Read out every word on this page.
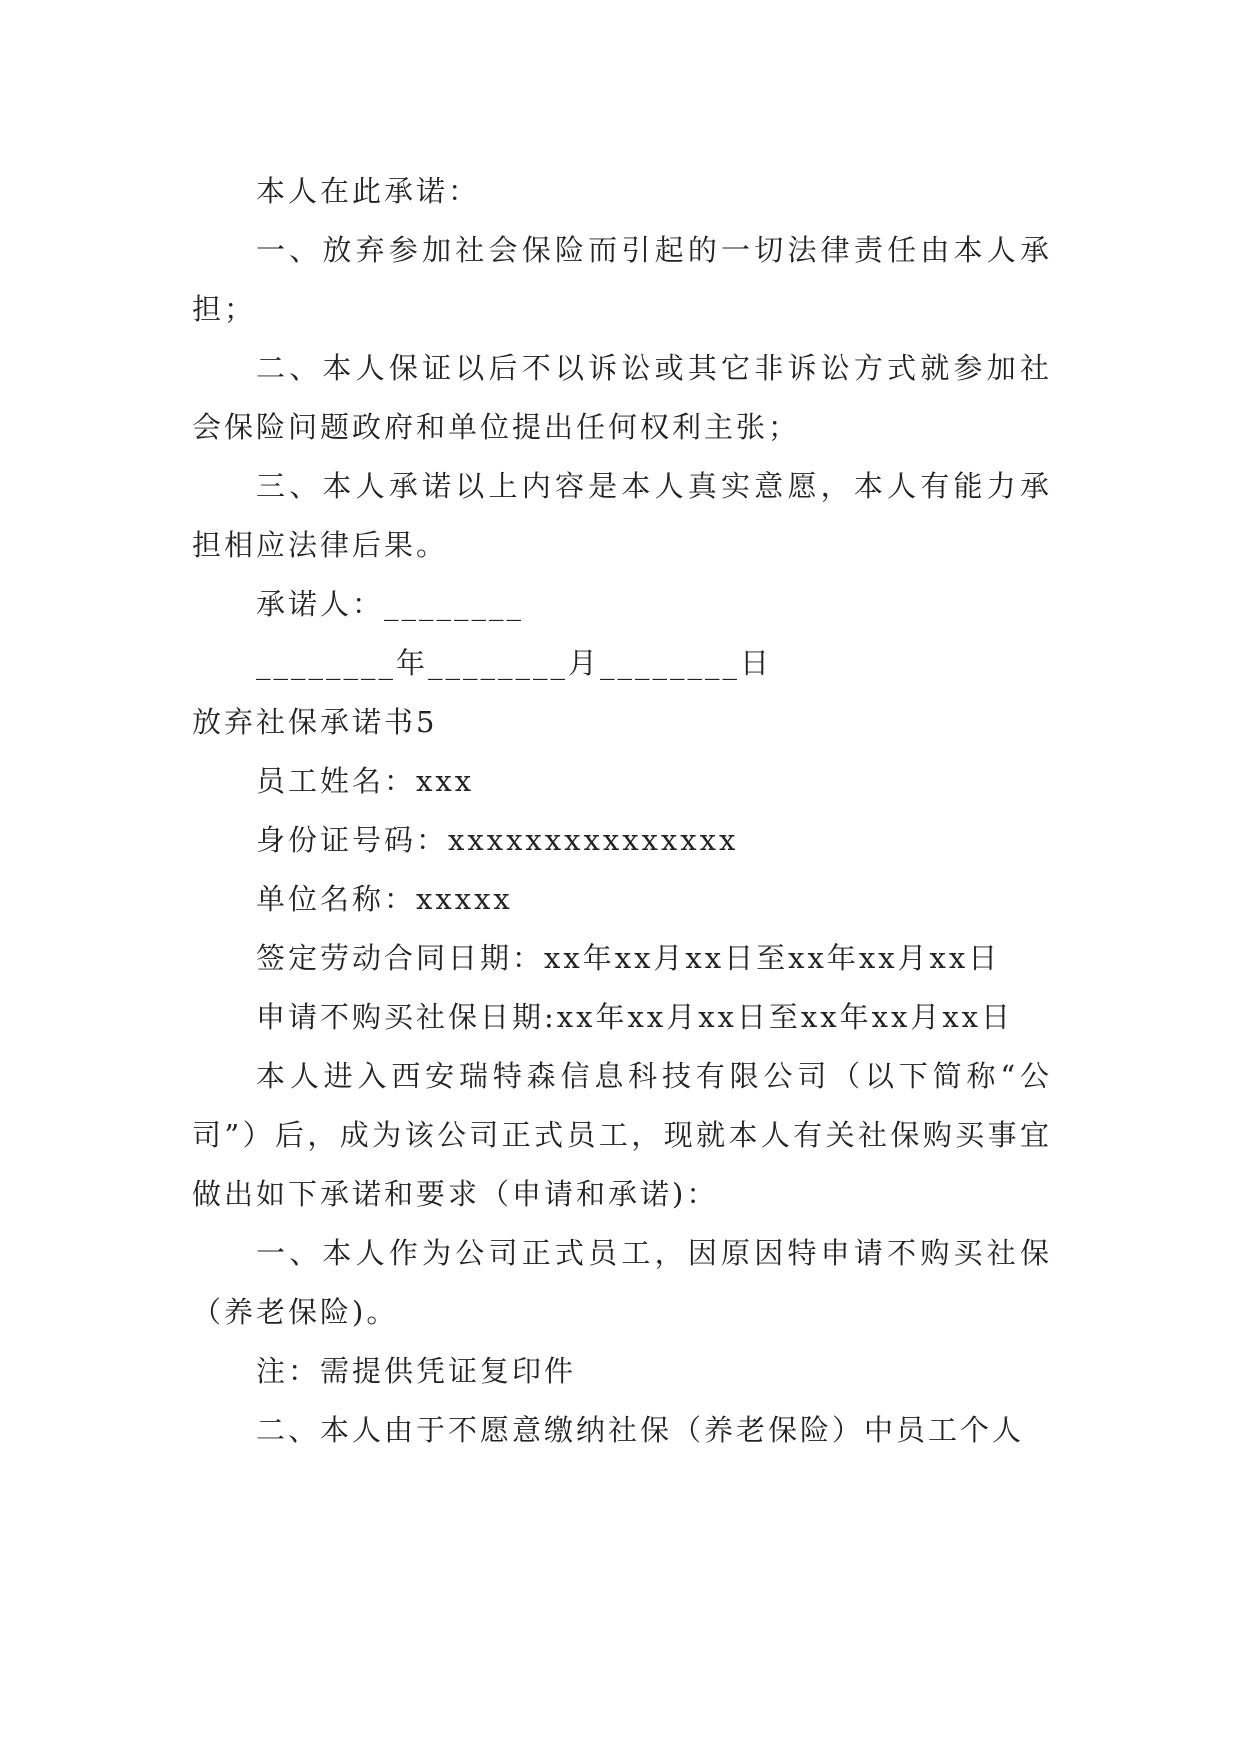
本人在此承诺：

一、放弃参加社会保险而引起的一切法律责任由本人承担；

二、本人保证以后不以诉讼或其它非诉讼方式就参加社会保险问题政府和单位提出任何权利主张；

三、本人承诺以上内容是本人真实意愿，本人有能力承担相应法律后果。

承诺人：________

________年________月________日

放弃社保承诺书5

员工姓名：xxx

身份证号码：xxxxxxxxxxxxxxx

单位名称：xxxxx

签定劳动合同日期：xx年xx月xx日至xx年xx月xx日

申请不购买社保日期:xx年xx月xx日至xx年xx月xx日

本人进入西安瑞特森信息科技有限公司（以下简称“公司”）后，成为该公司正式员工，现就本人有关社保购买事宜做出如下承诺和要求（申请和承诺)：

一、本人作为公司正式员工，因原因特申请不购买社保（养老保险)。

注：需提供凭证复印件

二、本人由于不愿意缴纳社保（养老保险）中员工个人
